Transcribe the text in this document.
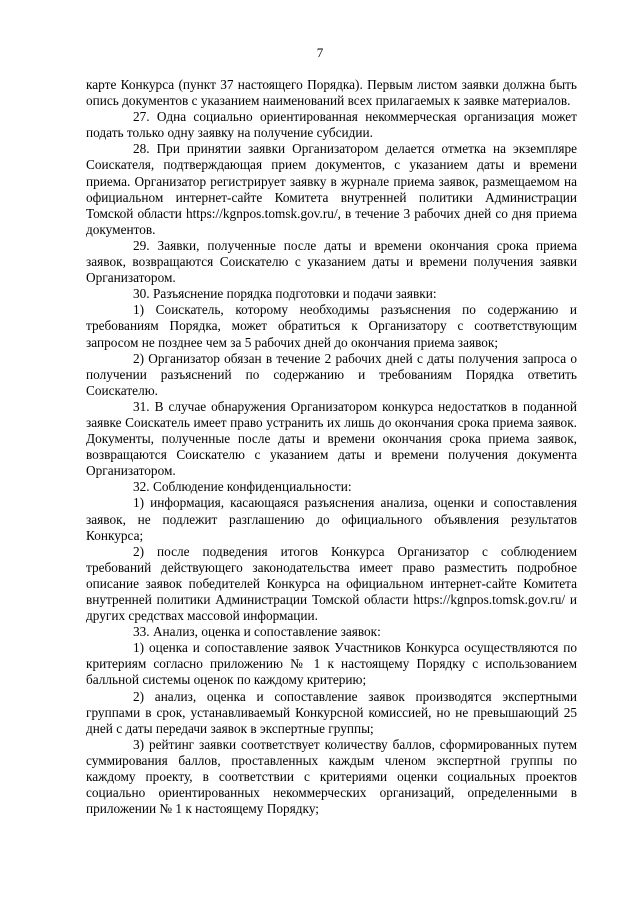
7

карте Конкурса (пункт 37 настоящего Порядка). Первым листом заявки должна быть опись документов с указанием наименований всех прилагаемых к заявке материалов.

27. Одна социально ориентированная некоммерческая организация может подать только одну заявку на получение субсидии.

28. При принятии заявки Организатором делается отметка на экземпляре Соискателя, подтверждающая прием документов, с указанием даты и времени приема. Организатор регистрирует заявку в журнале приема заявок, размещаемом на официальном интернет-сайте Комитета внутренней политики Администрации Томской области https://kgnpos.tomsk.gov.ru/, в течение 3 рабочих дней со дня приема документов.

29. Заявки, полученные после даты и времени окончания срока приема заявок, возвращаются Соискателю с указанием даты и времени получения заявки Организатором.

30. Разъяснение порядка подготовки и подачи заявки:

1) Соискатель, которому необходимы разъяснения по содержанию и требованиям Порядка, может обратиться к Организатору с соответствующим запросом не позднее чем за 5 рабочих дней до окончания приема заявок;

2) Организатор обязан в течение 2 рабочих дней с даты получения запроса о получении разъяснений по содержанию и требованиям Порядка ответить Соискателю.

31. В случае обнаружения Организатором конкурса недостатков в поданной заявке Соискатель имеет право устранить их лишь до окончания срока приема заявок. Документы, полученные после даты и времени окончания срока приема заявок, возвращаются Соискателю с указанием даты и времени получения документа Организатором.

32. Соблюдение конфиденциальности:

1) информация, касающаяся разъяснения анализа, оценки и сопоставления заявок, не подлежит разглашению до официального объявления результатов Конкурса;

2) после подведения итогов Конкурса Организатор с соблюдением требований действующего законодательства имеет право разместить подробное описание заявок победителей Конкурса на официальном интернет-сайте Комитета внутренней политики Администрации Томской области https://kgnpos.tomsk.gov.ru/ и других средствах массовой информации.

33. Анализ, оценка и сопоставление заявок:

1) оценка и сопоставление заявок Участников Конкурса осуществляются по критериям согласно приложению № 1 к настоящему Порядку с использованием балльной системы оценок по каждому критерию;

2) анализ, оценка и сопоставление заявок производятся экспертными группами в срок, устанавливаемый Конкурсной комиссией, но не превышающий 25 дней с даты передачи заявок в экспертные группы;

3) рейтинг заявки соответствует количеству баллов, сформированных путем суммирования баллов, проставленных каждым членом экспертной группы по каждому проекту, в соответствии с критериями оценки социальных проектов социально ориентированных некоммерческих организаций, определенными в приложении № 1 к настоящему Порядку;
